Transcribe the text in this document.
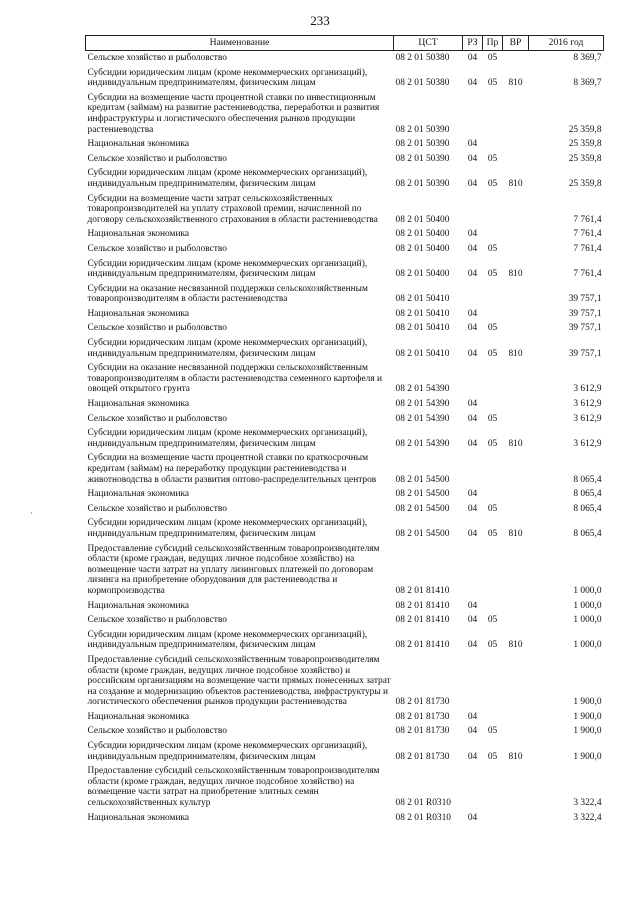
233
Наименование	ЦСТ	РЗ	Пр	ВР	2016 год
Сельское хозяйство и рыболовство	08 2 01 50380	04	05		8 369,7
Субсидии юридическим лицам (кроме некоммерческих организаций), индивидуальным предпринимателям, физическим лицам	08 2 01 50380	04	05	810	8 369,7
Субсидии на возмещение части процентной ставки по инвестиционным кредитам (займам) на развитие растениеводства, переработки и развития инфраструктуры и логистического обеспечения рынков продукции растениеводства	08 2 01 50390				25 359,8
Национальная экономика	08 2 01 50390	04			25 359,8
Сельское хозяйство и рыболовство	08 2 01 50390	04	05		25 359,8
Субсидии юридическим лицам (кроме некоммерческих организаций), индивидуальным предпринимателям, физическим лицам	08 2 01 50390	04	05	810	25 359,8
Субсидии на возмещение части затрат сельскохозяйственных товаропроизводителей на уплату страховой премии, начисленной по договору сельскохозяйственного страхования в области растениеводства	08 2 01 50400				7 761,4
Национальная экономика	08 2 01 50400	04			7 761,4
Сельское хозяйство и рыболовство	08 2 01 50400	04	05		7 761,4
Субсидии юридическим лицам (кроме некоммерческих организаций), индивидуальным предпринимателям, физическим лицам	08 2 01 50400	04	05	810	7 761,4
Субсидии на оказание несвязанной поддержки сельскохозяйственным товаропроизводителям в области растениеводства	08 2 01 50410				39 757,1
Национальная экономика	08 2 01 50410	04			39 757,1
Сельское хозяйство и рыболовство	08 2 01 50410	04	05		39 757,1
Субсидии юридическим лицам (кроме некоммерческих организаций), индивидуальным предпринимателям, физическим лицам	08 2 01 50410	04	05	810	39 757,1
Субсидии на оказание несвязанной поддержки сельскохозяйственным товаропроизводителям в области растениеводства семенного картофеля и овощей открытого грунта	08 2 01 54390				3 612,9
Национальная экономика	08 2 01 54390	04			3 612,9
Сельское хозяйство и рыболовство	08 2 01 54390	04	05		3 612,9
Субсидии юридическим лицам (кроме некоммерческих организаций), индивидуальным предпринимателям, физическим лицам	08 2 01 54390	04	05	810	3 612,9
Субсидии на возмещение части процентной ставки по краткосрочным кредитам (займам) на переработку продукции растениеводства и животноводства в области развития оптово-распределительных центров	08 2 01 54500				8 065,4
Национальная экономика	08 2 01 54500	04			8 065,4
Сельское хозяйство и рыболовство	08 2 01 54500	04	05		8 065,4
Субсидии юридическим лицам (кроме некоммерческих организаций), индивидуальным предпринимателям, физическим лицам	08 2 01 54500	04	05	810	8 065,4
Предоставление субсидий сельскохозяйственным товаропроизводителям области (кроме граждан, ведущих личное подсобное хозяйство) на возмещение части затрат на уплату лизинговых платежей по договорам лизинга на приобретение оборудования для растениеводства и кормопроизводства	08 2 01 81410				1 000,0
Национальная экономика	08 2 01 81410	04			1 000,0
Сельское хозяйство и рыболовство	08 2 01 81410	04	05		1 000,0
Субсидии юридическим лицам (кроме некоммерческих организаций), индивидуальным предпринимателям, физическим лицам	08 2 01 81410	04	05	810	1 000,0
Предоставление субсидий сельскохозяйственным товаропроизводителям области (кроме граждан, ведущих личное подсобное хозяйство) и российским организациям на возмещение части прямых понесенных затрат на создание и модернизацию объектов растениеводства, инфраструктуры и логистического обеспечения рынков продукции растениеводства	08 2 01 81730				1 900,0
Национальная экономика	08 2 01 81730	04			1 900,0
Сельское хозяйство и рыболовство	08 2 01 81730	04	05		1 900,0
Субсидии юридическим лицам (кроме некоммерческих организаций), индивидуальным предпринимателям, физическим лицам	08 2 01 81730	04	05	810	1 900,0
Предоставление субсидий сельскохозяйственным товаропроизводителям области (кроме граждан, ведущих личное подсобное хозяйство) на возмещение части затрат на приобретение элитных семян сельскохозяйственных культур	08 2 01 R0310				3 322,4
Национальная экономика	08 2 01 R0310	04			3 322,4
·
